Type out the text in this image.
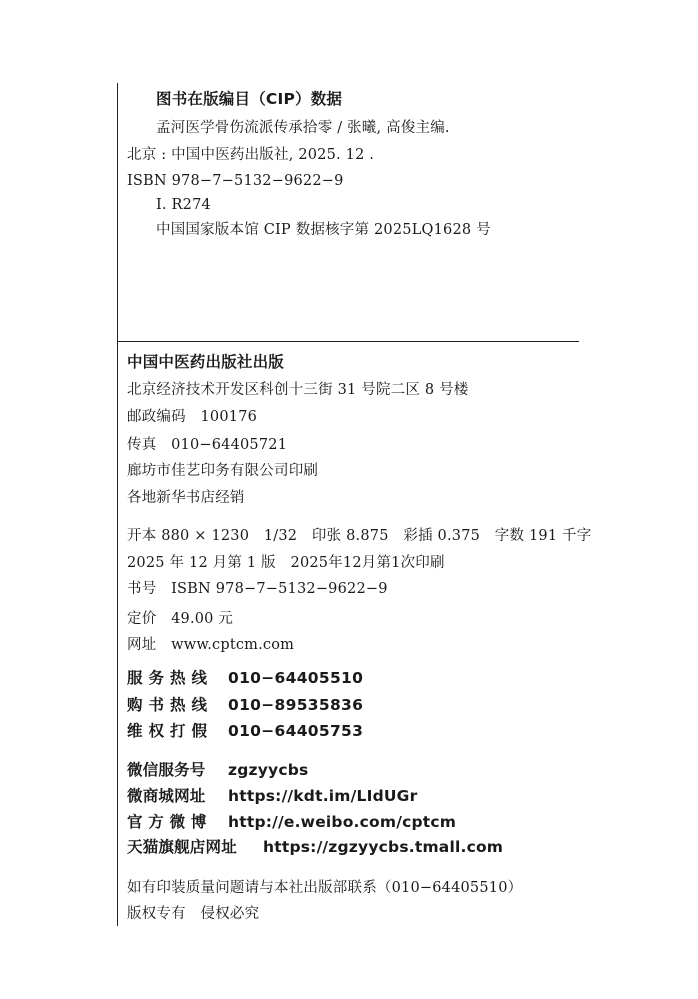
图书在版编目（CIP）数据
孟河医学骨伤流派传承拾零 / 张曦, 高俊主编.
北京 : 中国中医药出版社, 2025. 12 .
ISBN 978−7−5132−9622−9
Ⅰ. R274
中国国家版本馆 CIP 数据核字第 2025LQ1628 号
中国中医药出版社出版
北京经济技术开发区科创十三街 31 号院二区 8 号楼
邮政编码　100176
传真　010−64405721
廊坊市佳艺印务有限公司印刷
各地新华书店经销
开本 880 × 1230　1/32　印张 8.875　彩插 0.375　字数 191 千字
2025 年 12 月第 1 版　2025年12月第1次印刷
书号　ISBN 978−7−5132−9622−9
定价　49.00 元
网址　www.cptcm.com
服 务 热 线 010−64405510
购 书 热 线 010−89535836
维 权 打 假 010−64405753
微信服务号 zgzyycbs
微商城网址 https://kdt.im/LIdUGr
官 方 微 博 http://e.weibo.com/cptcm
天猫旗舰店网址 https://zgzyycbs.tmall.com
如有印装质量问题请与本社出版部联系（010−64405510）
版权专有　侵权必究
